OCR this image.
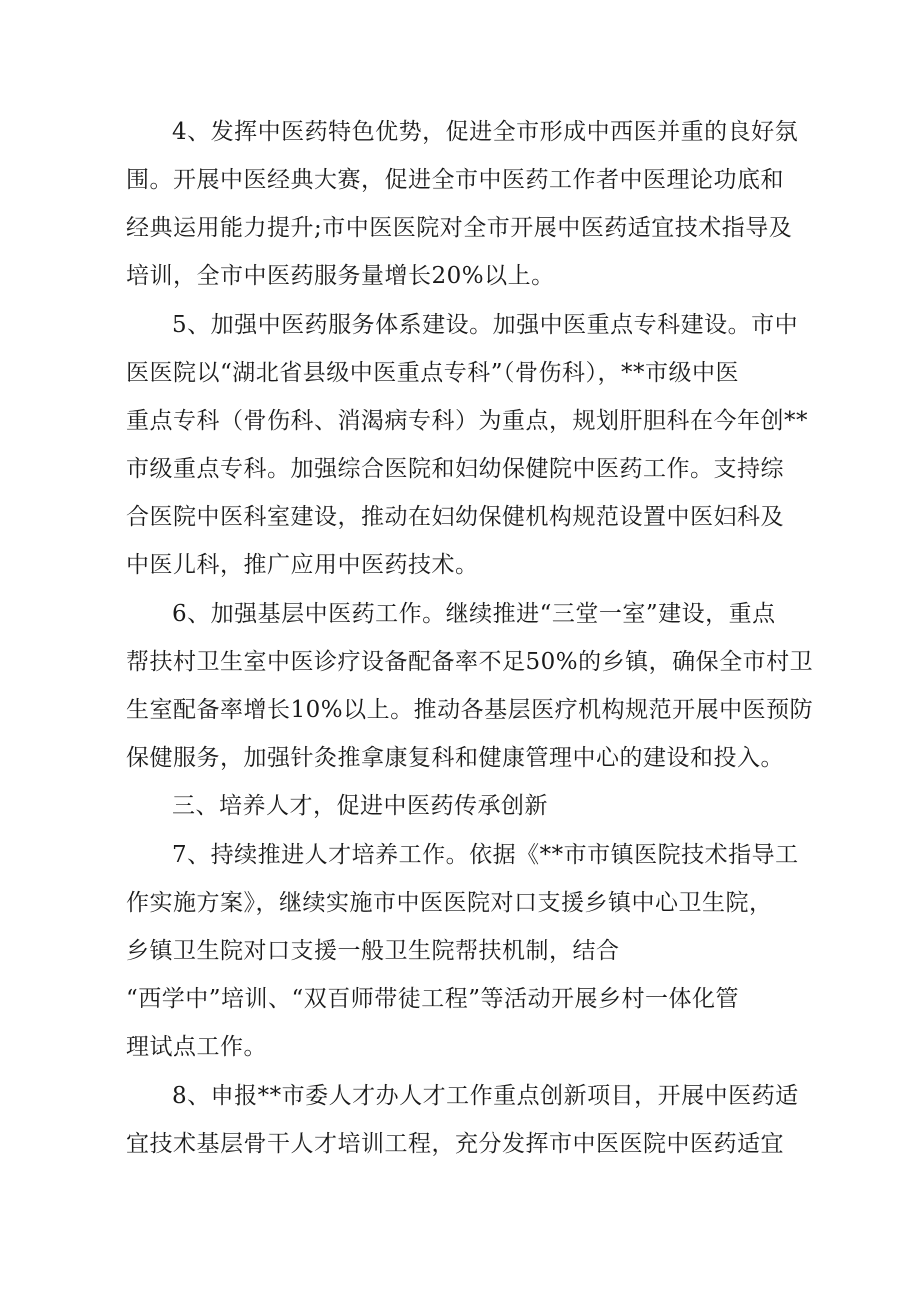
4、发挥中医药特色优势，促进全市形成中西医并重的良好氛
围。开展中医经典大赛，促进全市中医药工作者中医理论功底和
经典运用能力提升;市中医医院对全市开展中医药适宜技术指导及
培训，全市中医药服务量增长20%以上。
5、加强中医药服务体系建设。加强中医重点专科建设。市中
医医院以“湖北省县级中医重点专科”（骨伤科），**市级中医
重点专科（骨伤科、消渴病专科）为重点，规划肝胆科在今年创**
市级重点专科。加强综合医院和妇幼保健院中医药工作。支持综
合医院中医科室建设，推动在妇幼保健机构规范设置中医妇科及
中医儿科，推广应用中医药技术。
6、加强基层中医药工作。继续推进“三堂一室”建设，重点
帮扶村卫生室中医诊疗设备配备率不足50%的乡镇，确保全市村卫
生室配备率增长10%以上。推动各基层医疗机构规范开展中医预防
保健服务，加强针灸推拿康复科和健康管理中心的建设和投入。
三、培养人才，促进中医药传承创新
7、持续推进人才培养工作。依据《**市市镇医院技术指导工
作实施方案》，继续实施市中医医院对口支援乡镇中心卫生院，
乡镇卫生院对口支援一般卫生院帮扶机制，结合
“西学中”培训、“双百师带徒工程”等活动开展乡村一体化管
理试点工作。
8、申报**市委人才办人才工作重点创新项目，开展中医药适
宜技术基层骨干人才培训工程，充分发挥市中医医院中医药适宜
